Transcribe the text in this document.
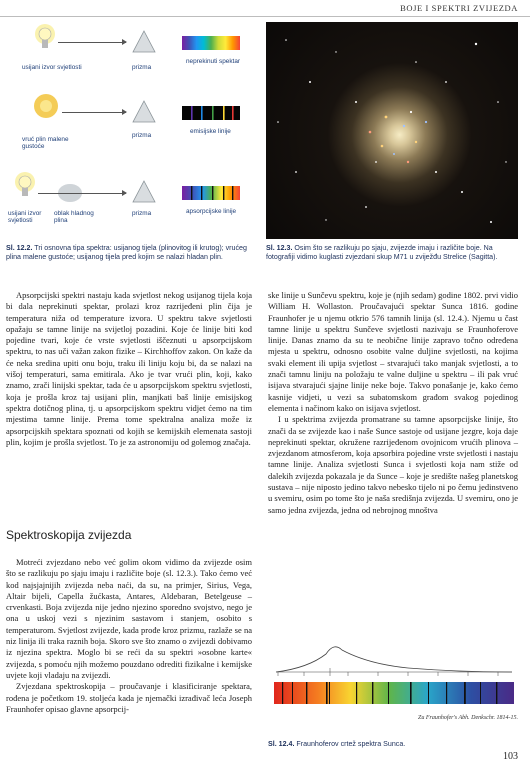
BOJE I SPEKTRI ZVIJEZDA
usijani izvor svjetlosti	prizma
neprekinuti spektar
vruć plin malene gustoće
prizma
emisijske linije
usijani izvor svjetlosti
oblak hladnog plina
prizma	apsorpcijske linije
Sl. 12.2. Tri osnovna tipa spektra: usijanog tijela (plinovitog ili krutog); vrućeg plina malene gustoće; usijanog tijela pred kojim se nalazi hladan plin.
Sl. 12.3. Osim što se razlikuju po sjaju, zvijezde imaju i različite boje. Na fotografiji vidimo kuglasti zvjezdani skup M71 u zviježđu Strelice (Sagitta).

Apsorpcijski spektri nastaju kada svjetlost nekog usijanog tijela koja bi dala neprekinuti spektar, prolazi kroz razrijeđeni plin čija je temperatura niža od temperature izvora. U spektru takve svjetlosti opažaju se tamne linije na svijetloj pozadini. Koje će linije biti kod pojedine tvari, koje će vrste svjetlosti iščeznuti u apsorpcijskom spektru, to nas uči važan zakon fizike – Kirchhoffov zakon. On kaže da će neka sredina upiti onu boju, traku ili liniju koju bi, da se nalazi na višoj temperaturi, sama emitirala. Ako je tvar vrući plin, koji, kako znamo, zrači linijski spektar, tada će u apsorpcijskom spektru svjetlosti, koja je prošla kroz taj usijani plin, manjkati baš linije emisijskog spektra dotičnog plina, tj. u apsorpcijskom spektru vidjet ćemo na tim mjestima tamne linije. Prema tome spektralna analiza može iz apsorpcijskih spektara spoznati od kojih se kemijskih elemenata sastoji plin, kojim je prošla svjetlost. To je za astronomiju od golemog značaja.

Spektroskopija zvijezda

Motreći zvjezdano nebo već golim okom vidimo da zvijezde osim što se razlikuju po sjaju imaju i različite boje (sl. 12.3.). Tako ćemo već kod najsjajnijih zvijezda neba naći, da su, na primjer, Sirius, Vega, Altair bijeli, Capella žućkasta, Antares, Aldebaran, Betelgeuse – crvenkasti. Boja zvijezda nije jedno njezino sporedno svojstvo, nego je ona u uskoj vezi s njezinim sastavom i stanjem, osobito s temperaturom. Svjetlost zvijezde, kada prođe kroz prizmu, razlaže se na niz linija ili traka raznih boja. Skoro sve što znamo o zvijezdi dobivamo iz njezina spektra. Moglo bi se reći da su spektri »osobne karte« zvijezda, s pomoću njih možemo pouzdano odrediti fizikalne i kemijske uvjete koji vladaju na zvijezdi.

Zvjezdana spektroskopija – proučavanje i klasificiranje spektara, rođena je početkom 19. stoljeća kada je njemački izrađivač leća Joseph Fraunhofer opisao glavne apsorpcij-

ske linije u Sunčevu spektru, koje je (njih sedam) godine 1802. prvi vidio William H. Wollaston. Proučavajući spektar Sunca 1816. godine Fraunhofer je u njemu otkrio 576 tamnih linija (sl. 12.4.). Njemu u čast tamne linije u spektru Sunčeve svjetlosti nazivaju se Fraunhoferove linije. Danas znamo da su te neobične linije zapravo točno određena mjesta u spektru, odnosno osobite valne duljine svjetlosti, na kojima svaki element ili upija svjetlost – stvarajući tako manjak svjetlosti, a to znači tamnu liniju na položaju te valne duljine u spektru – ili pak vruć isijava stvarajući sjajne linije neke boje. Takvo ponašanje je, kako ćemo kasnije vidjeti, u vezi sa subatomskom građom svakog pojedinog elementa i načinom kako on isijava svjetlost.

I u spektrima zvijezda promatrane su tamne apsorpcijske linije, što znači da se zvijezde kao i naše Sunce sastoje od usijane jezgre, koja daje neprekinuti spektar, okružene razrijeđenom ovojnicom vrućih plinova – zvjezdanom atmosferom, koja apsorbira pojedine vrste svjetlosti i nastaju tamne linije. Analiza svjetlosti Sunca i svjetlosti koja nam stiže od dalekih zvijezda pokazala je da Sunce – koje je središte našeg planetskog sustava – nije niposto jedino takvo nebesko tijelo ni po čemu jedinstveno u svemiru, osim po tome što je naša središnja zvijezda. U svemiru, ono je samo jedna zvijezda, jedna od nebrojnog mnoštva

Zu Fraunhofer's Abh. Denkschr. 1814-15.
Sl. 12.4. Fraunhoferov crtež spektra Sunca.
103
